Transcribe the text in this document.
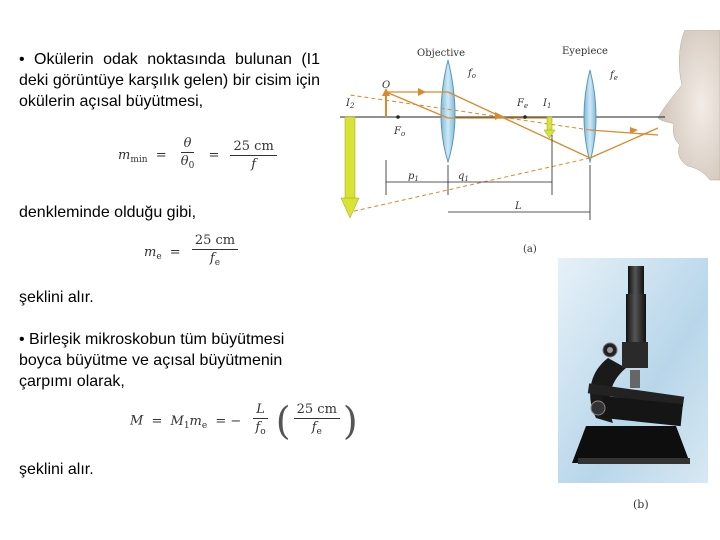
• Okülerin odak noktasında bulunan (I1 deki görüntüye karşılık gelen) bir cisim için okülerin açısal büyütmesi,
$m_{min} = \frac{\theta}{\theta_0} = \frac{25 cm}{f}$
denkleminde olduğu gibi,
$m_e = \frac{25 cm}{f_e}$
şeklini alır.
• Birleşik mikroskobun tüm büyütmesi boyca büyütme ve açısal büyütmenin çarpımı olarak,
$M = M_1m_e$ = − $\frac{L}{f_o}$ ( $\frac{25 cm}{f_e}$ )
şeklini alır.
Objective	Eyepiece
$f_o$	$f_e$
O
$I_2$	$F_e$ $I_1$
$F_o$
$p_1$	$q_1$
L
(a)
(b)
